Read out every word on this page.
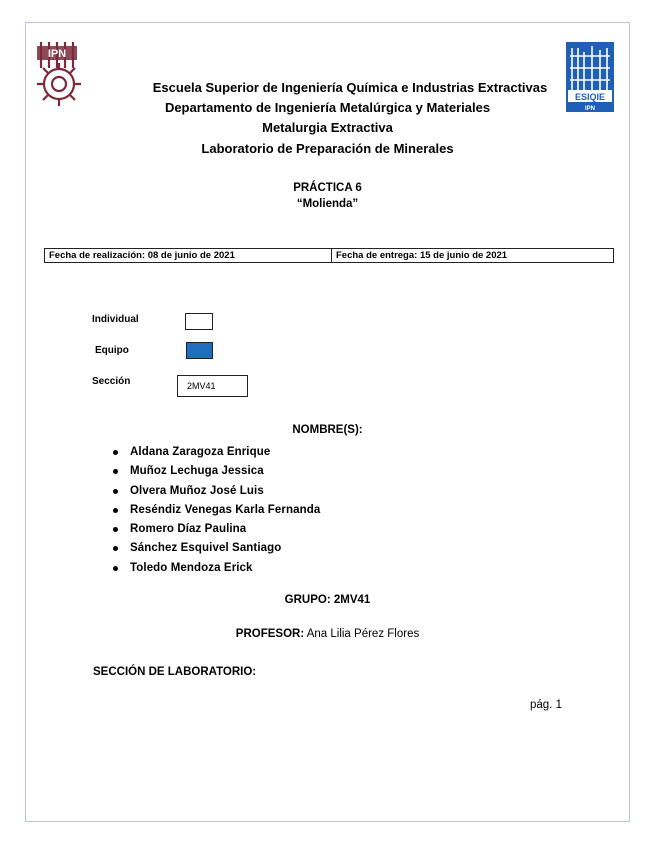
IPN
ESIQIE
IPN
Escuela Superior de Ingeniería Química e Industrias Extractivas
Departamento de Ingeniería Metalúrgica y Materiales
Metalurgia Extractiva
Laboratorio de Preparación de Minerales
PRÁCTICA 6
“Molienda”
Fecha de realización: 08 de junio de 2021	Fecha de entrega: 15 de junio de 2021
Individual
Equipo
Sección	2MV41
NOMBRE(S):
Aldana Zaragoza Enrique
Muñoz Lechuga Jessica
Olvera Muñoz José Luis
Reséndiz Venegas Karla Fernanda
Romero Díaz Paulina
Sánchez Esquivel Santiago
Toledo Mendoza Erick
GRUPO: 2MV41
PROFESOR: Ana Lilia Pérez Flores
SECCIÓN DE LABORATORIO:
pág. 1
